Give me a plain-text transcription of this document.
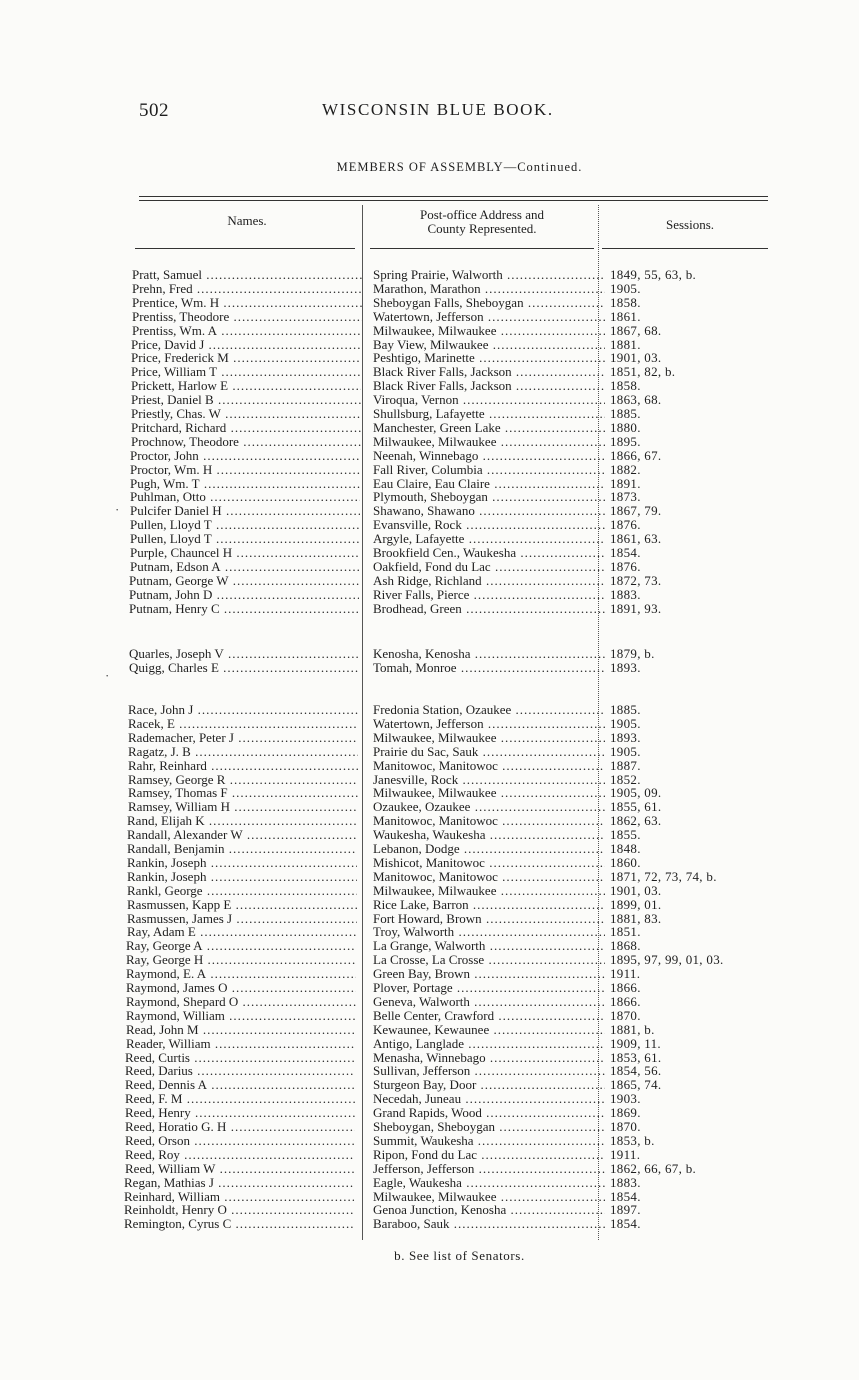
502	WISCONSIN BLUE BOOK.
MEMBERS OF ASSEMBLY—Continued.
Names.	Post-office Address and
County Represented.	Sessions.
Pratt, Samuel .....	Spring Prairie, Walworth .....	1849, 55, 63, b.
Prehn, Fred .....	Marathon, Marathon .....	1905.
Prentice, Wm. H .....	Sheboygan Falls, Sheboygan .....	1858.
Prentiss, Theodore .....	Watertown, Jefferson .....	1861.
Prentiss, Wm. A .....	Milwaukee, Milwaukee .....	1867, 68.
Price, David J .....	Bay View, Milwaukee .....	1881.
Price, Frederick M .....	Peshtigo, Marinette .....	1901, 03.
Price, William T .....	Black River Falls, Jackson .....	1851, 82, b.
Prickett, Harlow E .....	Black River Falls, Jackson .....	1858.
Priest, Daniel B .....	Viroqua, Vernon .....	1863, 68.
Priestly, Chas. W .....	Shullsburg, Lafayette .....	1885.
Pritchard, Richard .....	Manchester, Green Lake .....	1880.
Prochnow, Theodore .....	Milwaukee, Milwaukee .....	1895.
Proctor, John .....	Neenah, Winnebago .....	1866, 67.
Proctor, Wm. H .....	Fall River, Columbia .....	1882.
Pugh, Wm. T .....	Eau Claire, Eau Claire .....	1891.
Puhlman, Otto .....	Plymouth, Sheboygan .....	1873.
Pulcifer Daniel H .....	Shawano, Shawano .....	1867, 79.
Pullen, Lloyd T .....	Evansville, Rock .....	1876.
Pullen, Lloyd T .....	Argyle, Lafayette .....	1861, 63.
Purple, Chauncel H .....	Brookfield Cen., Waukesha .....	1854.
Putnam, Edson A .....	Oakfield, Fond du Lac .....	1876.
Putnam, George W .....	Ash Ridge, Richland .....	1872, 73.
Putnam, John D .....	River Falls, Pierce .....	1883.
Putnam, Henry C .....	Brodhead, Green .....	1891, 93.
Quarles, Joseph V .....	Kenosha, Kenosha .....	1879, b.
Quigg, Charles E .....	Tomah, Monroe .....	1893.
Race, John J .....	Fredonia Station, Ozaukee .....	1885.
Racek, E .....	Watertown, Jefferson .....	1905.
Rademacher, Peter J .....	Milwaukee, Milwaukee .....	1893.
Ragatz, J. B .....	Prairie du Sac, Sauk .....	1905.
Rahr, Reinhard .....	Manitowoc, Manitowoc .....	1887.
Ramsey, George R .....	Janesville, Rock .....	1852.
Ramsey, Thomas F .....	Milwaukee, Milwaukee .....	1905, 09.
Ramsey, William H .....	Ozaukee, Ozaukee .....	1855, 61.
Rand, Elijah K .....	Manitowoc, Manitowoc .....	1862, 63.
Randall, Alexander W .....	Waukesha, Waukesha .....	1855.
Randall, Benjamin .....	Lebanon, Dodge .....	1848.
Rankin, Joseph .....	Mishicot, Manitowoc .....	1860.
Rankin, Joseph .....	Manitowoc, Manitowoc .....	1871, 72, 73, 74, b.
Rankl, George .....	Milwaukee, Milwaukee .....	1901, 03.
Rasmussen, Kapp E .....	Rice Lake, Barron .....	1899, 01.
Rasmussen, James J .....	Fort Howard, Brown .....	1881, 83.
Ray, Adam E .....	Troy, Walworth .....	1851.
Ray, George A .....	La Grange, Walworth .....	1868.
Ray, George H .....	La Crosse, La Crosse .....	1895, 97, 99, 01, 03.
Raymond, E. A .....	Green Bay, Brown .....	1911.
Raymond, James O .....	Plover, Portage .....	1866.
Raymond, Shepard O .....	Geneva, Walworth .....	1866.
Raymond, William .....	Belle Center, Crawford .....	1870.
Read, John M .....	Kewaunee, Kewaunee .....	1881, b.
Reader, William .....	Antigo, Langlade .....	1909, 11.
Reed, Curtis .....	Menasha, Winnebago .....	1853, 61.
Reed, Darius .....	Sullivan, Jefferson .....	1854, 56.
Reed, Dennis A .....	Sturgeon Bay, Door .....	1865, 74.
Reed, F. M .....	Necedah, Juneau .....	1903.
Reed, Henry .....	Grand Rapids, Wood .....	1869.
Reed, Horatio G. H .....	Sheboygan, Sheboygan .....	1870.
Reed, Orson .....	Summit, Waukesha .....	1853, b.
Reed, Roy .....	Ripon, Fond du Lac .....	1911.
Reed, William W .....	Jefferson, Jefferson .....	1862, 66, 67, b.
Regan, Mathias J .....	Eagle, Waukesha .....	1883.
Reinhard, William .....	Milwaukee, Milwaukee .....	1854.
Reinholdt, Henry O .....	Genoa Junction, Kenosha .....	1897.
Remington, Cyrus C .....	Baraboo, Sauk .....	1854.
·
·
b. See list of Senators.
